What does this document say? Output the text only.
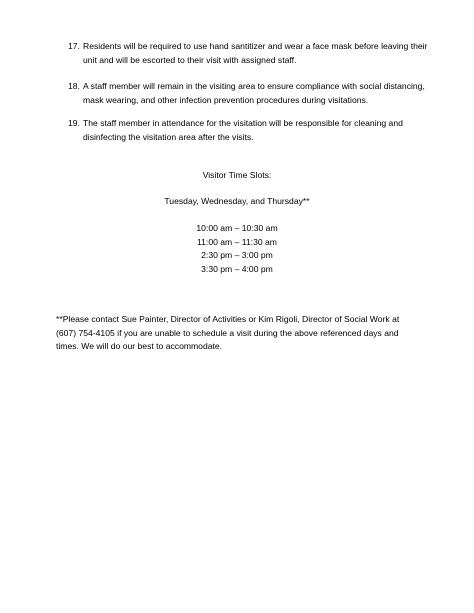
17. Residents will be required to use hand santitizer and wear a face mask before leaving their unit and will be escorted to their visit with assigned staff.
18. A staff member will remain in the visiting area to ensure compliance with social distancing, mask wearing, and other infection prevention procedures during visitations.
19. The staff member in attendance for the visitation will be responsible for cleaning and disinfecting the visitation area after the visits.
Visitor Time Slots:
Tuesday, Wednesday, and Thursday**
10:00 am – 10:30 am
11:00 am – 11:30 am
2:30 pm – 3:00 pm
3:30 pm – 4:00 pm
**Please contact Sue Painter, Director of Activities or Kim Rigoli, Director of Social Work at (607) 754-4105 if you are unable to schedule a visit during the above referenced days and times. We will do our best to accommodate.
